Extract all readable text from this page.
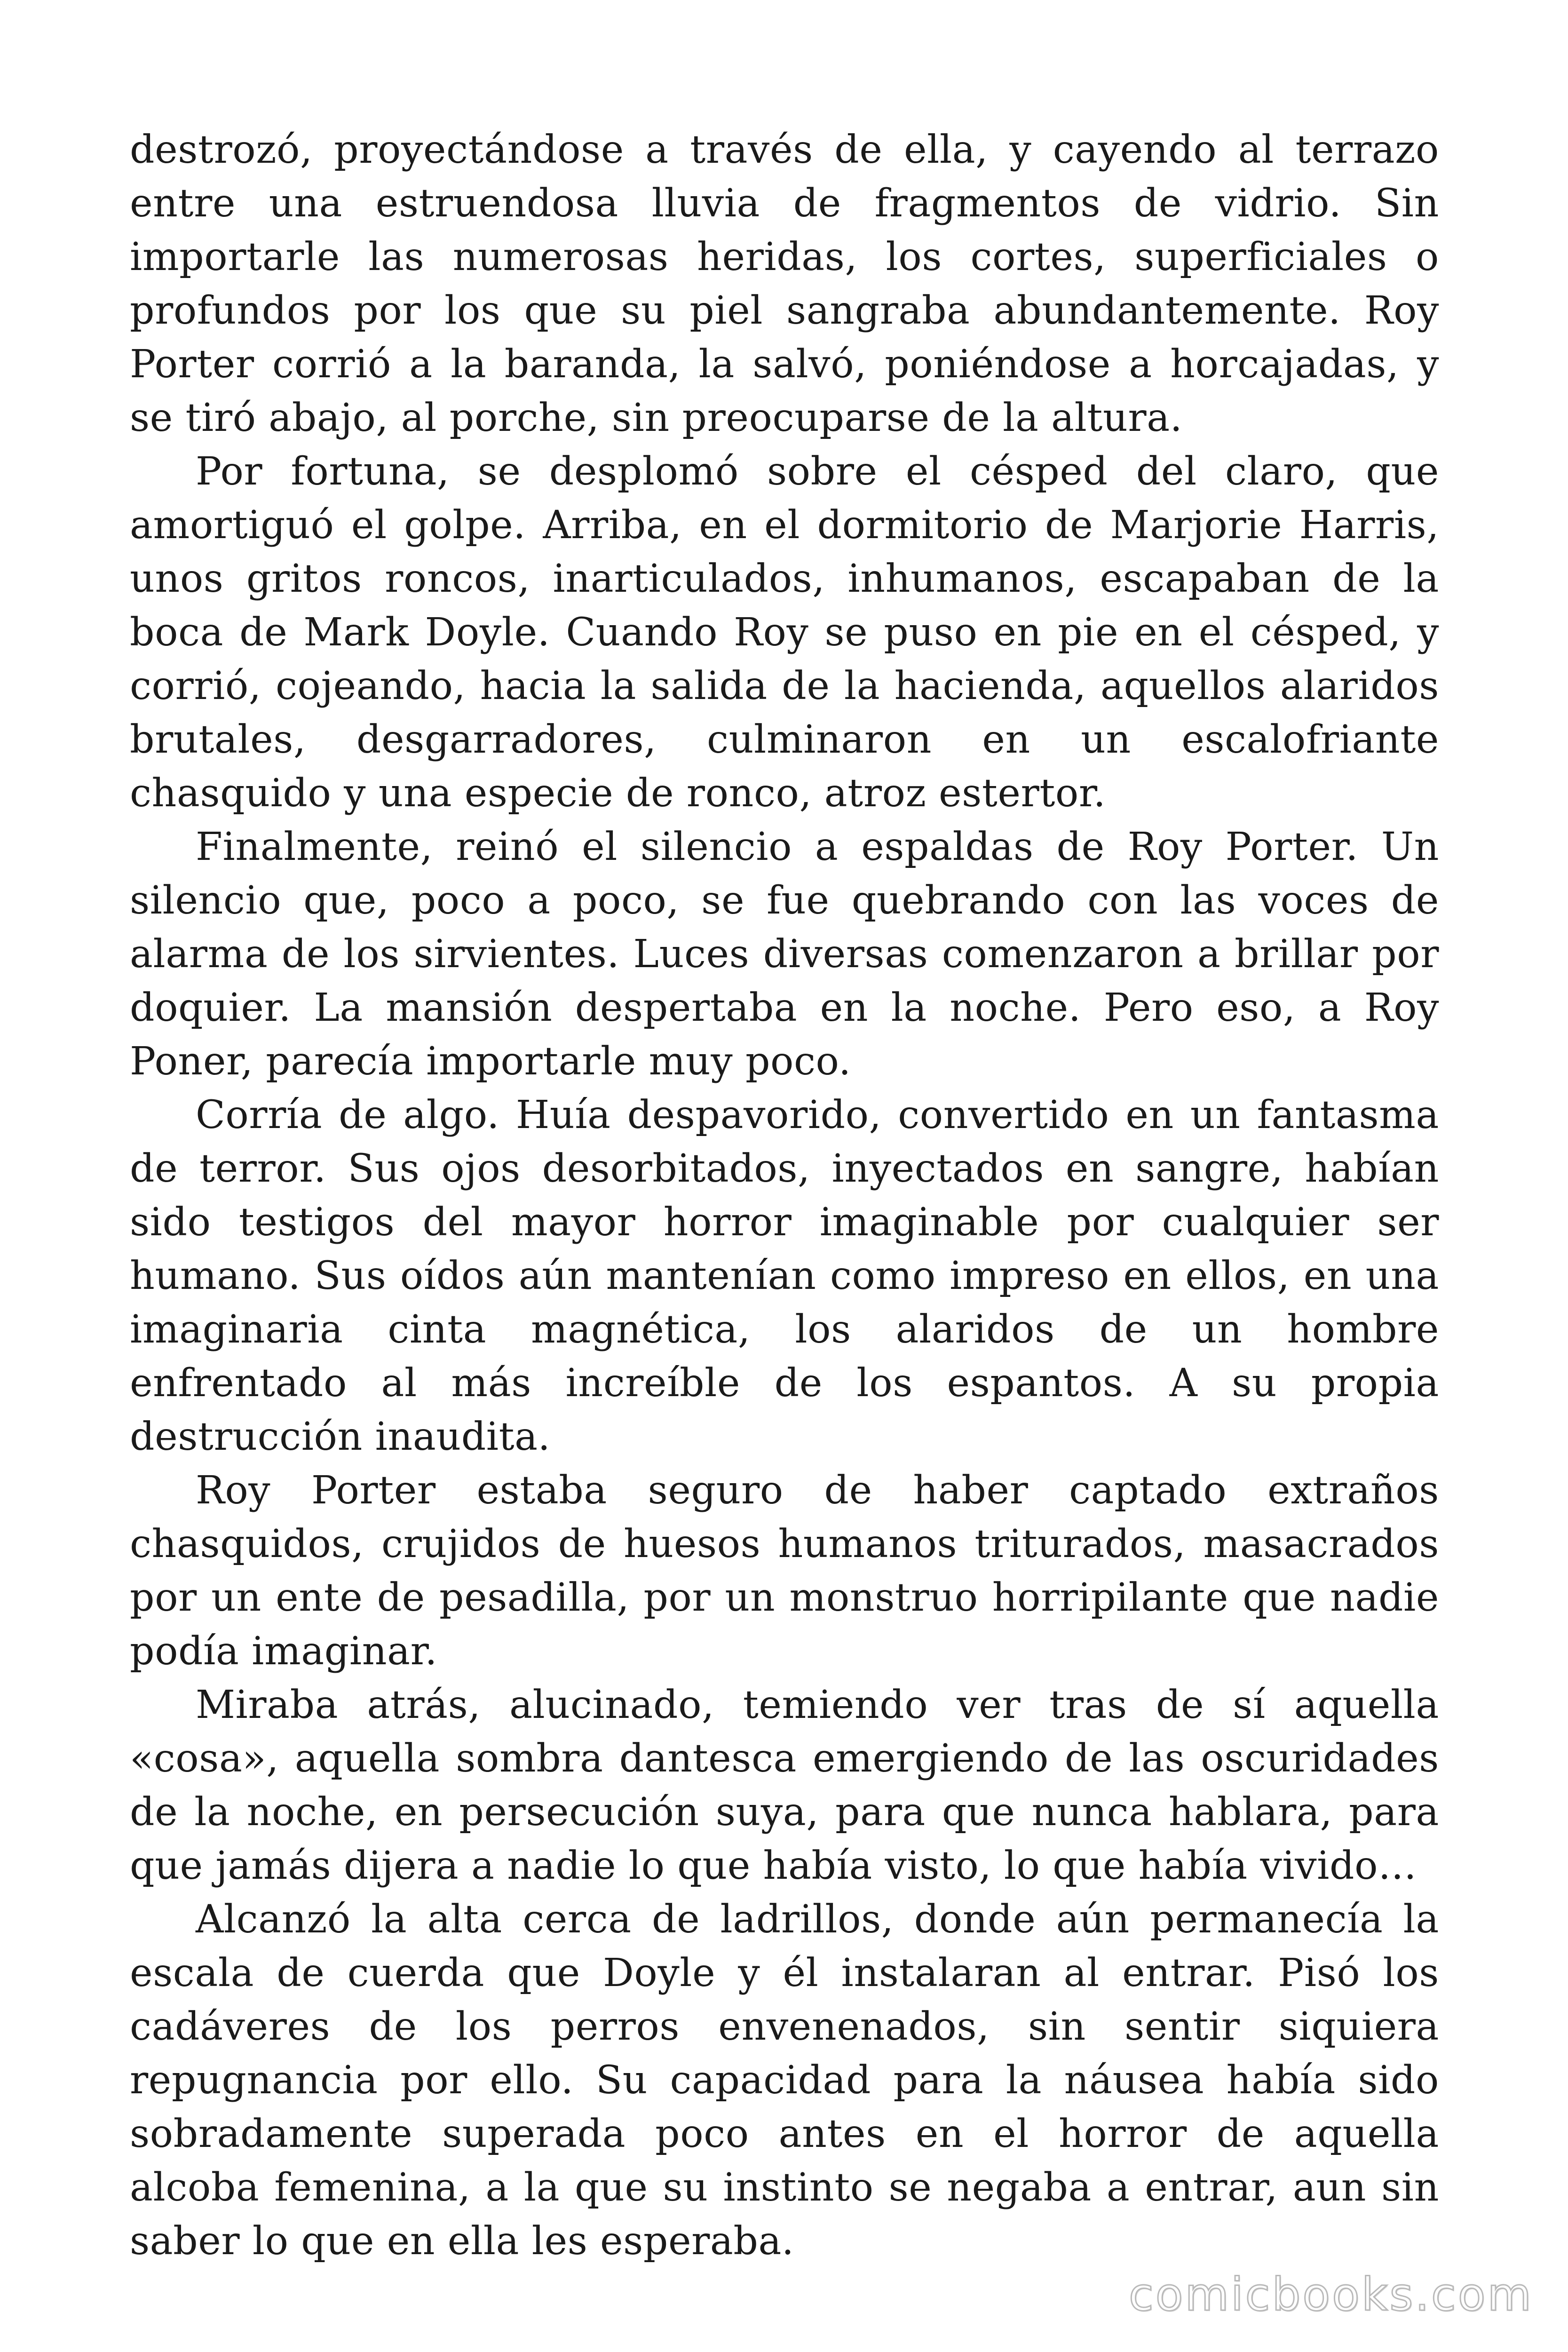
destrozó, proyectándose a través de ella, y cayendo al terrazo entre una estruendosa lluvia de fragmentos de vidrio. Sin importarle las numerosas heridas, los cortes, superficiales o profundos por los que su piel sangraba abundantemente. Roy Porter corrió a la baranda, la salvó, poniéndose a horcajadas, y se tiró abajo, al porche, sin preocuparse de la altura.

Por fortuna, se desplomó sobre el césped del claro, que amortiguó el golpe. Arriba, en el dormitorio de Marjorie Harris, unos gritos roncos, inarticulados, inhumanos, escapaban de la boca de Mark Doyle. Cuando Roy se puso en pie en el césped, y corrió, cojeando, hacia la salida de la hacienda, aquellos alaridos brutales, desgarradores, culminaron en un escalofriante chasquido y una especie de ronco, atroz estertor.

Finalmente, reinó el silencio a espaldas de Roy Porter. Un silencio que, poco a poco, se fue quebrando con las voces de alarma de los sirvientes. Luces diversas comenzaron a brillar por doquier. La mansión despertaba en la noche. Pero eso, a Roy Poner, parecía importarle muy poco.

Corría de algo. Huía despavorido, convertido en un fantasma de terror. Sus ojos desorbitados, inyectados en sangre, habían sido testigos del mayor horror imaginable por cualquier ser humano. Sus oídos aún mantenían como impreso en ellos, en una imaginaria cinta magnética, los alaridos de un hombre enfrentado al más increíble de los espantos. A su propia destrucción inaudita.

Roy Porter estaba seguro de haber captado extraños chasquidos, crujidos de huesos humanos triturados, masacrados por un ente de pesadilla, por un monstruo horripilante que nadie podía imaginar.

Miraba atrás, alucinado, temiendo ver tras de sí aquella «cosa», aquella sombra dantesca emergiendo de las oscuridades de la noche, en persecución suya, para que nunca hablara, para que jamás dijera a nadie lo que había visto, lo que había vivido…

Alcanzó la alta cerca de ladrillos, donde aún permanecía la escala de cuerda que Doyle y él instalaran al entrar. Pisó los cadáveres de los perros envenenados, sin sentir siquiera repugnancia por ello. Su capacidad para la náusea había sido sobradamente superada poco antes en el horror de aquella alcoba femenina, a la que su instinto se negaba a entrar, aun sin saber lo que en ella les esperaba.

comicbooks.com
